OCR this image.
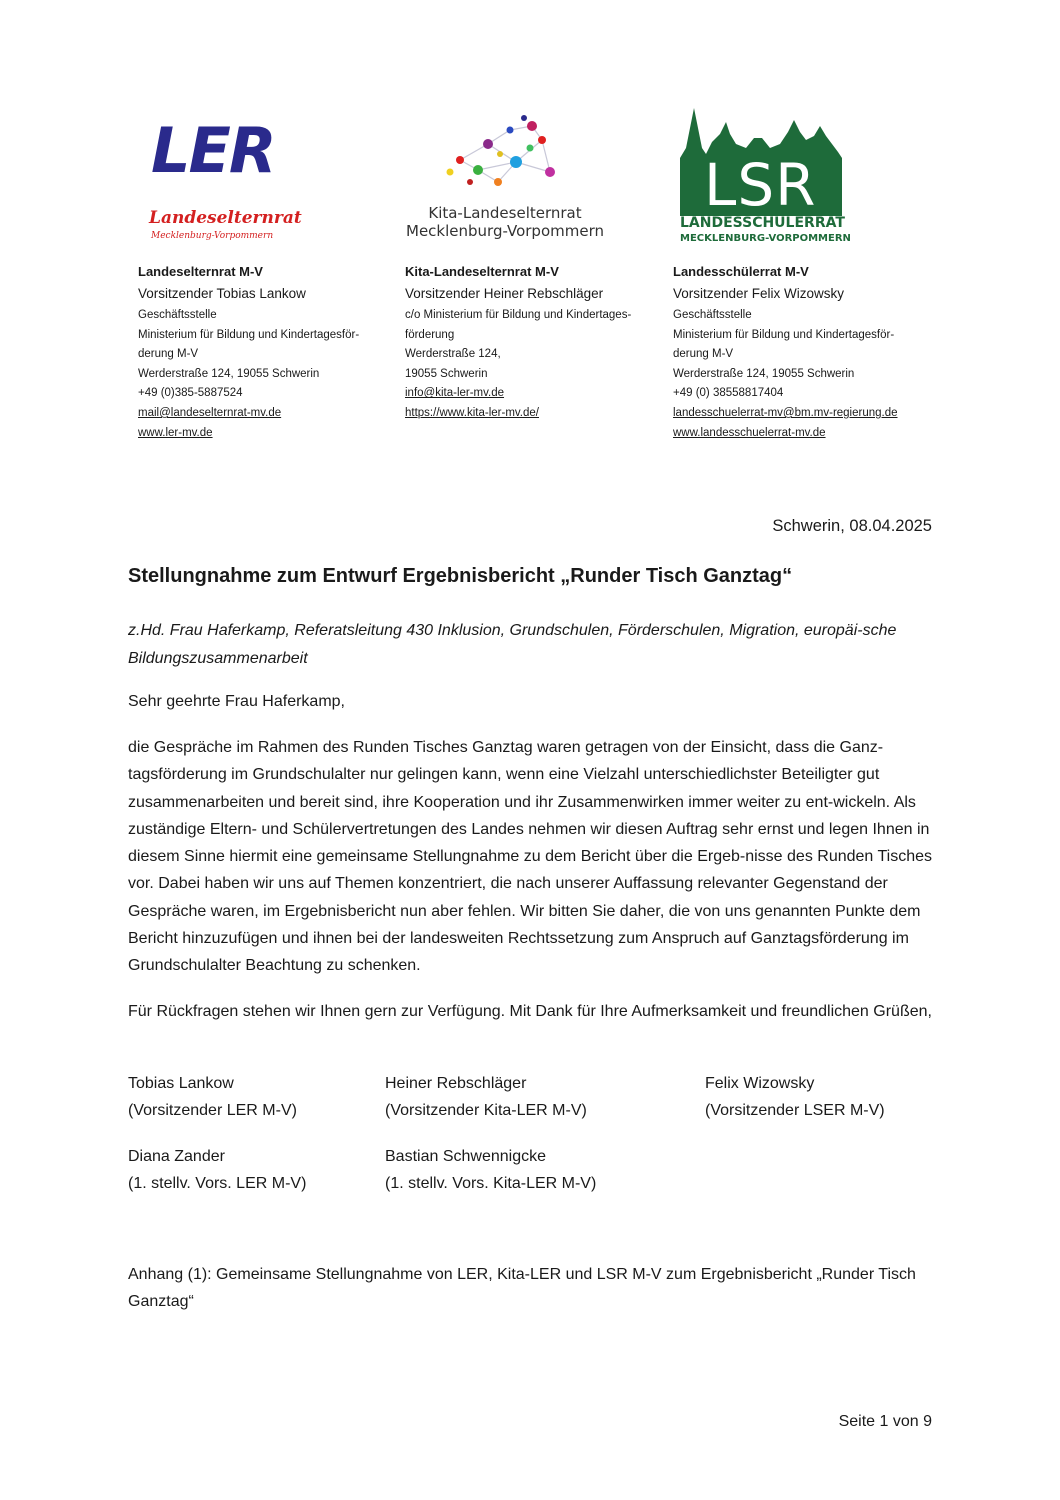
LER
Landeselternrat
Mecklenburg-Vorpommern
Kita-Landeselternrat
Mecklenburg-Vorpommern
LSR
LANDESSCHÜLERRAT
MECKLENBURG-VORPOMMERN
Landeselternrat M-V
Vorsitzender Tobias Lankow
Geschäftsstelle
Ministerium für Bildung und Kindertagesför-
derung M-V
Werderstraße 124, 19055 Schwerin
+49 (0)385-5887524
mail@landeselternrat-mv.de
www.ler-mv.de
Kita-Landeselternrat M-V
Vorsitzender Heiner Rebschläger
c/o Ministerium für Bildung und Kindertages-
förderung
Werderstraße 124,
19055 Schwerin
info@kita-ler-mv.de
https://www.kita-ler-mv.de/
Landesschülerrat M-V
Vorsitzender Felix Wizowsky
Geschäftsstelle
Ministerium für Bildung und Kindertagesför-
derung M-V
Werderstraße 124, 19055 Schwerin
+49 (0) 38558817404
landesschuelerrat-mv@bm.mv-regierung.de
www.landesschuelerrat-mv.de
Schwerin, 08.04.2025
Stellungnahme zum Entwurf Ergebnisbericht „Runder Tisch Ganztag“
z.Hd. Frau Haferkamp, Referatsleitung 430 Inklusion, Grundschulen, Förderschulen, Migration, europäi-sche Bildungszusammenarbeit
Sehr geehrte Frau Haferkamp,
die Gespräche im Rahmen des Runden Tisches Ganztag waren getragen von der Einsicht, dass die Ganz-tagsförderung im Grundschulalter nur gelingen kann, wenn eine Vielzahl unterschiedlichster Beteiligter gut zusammenarbeiten und bereit sind, ihre Kooperation und ihr Zusammenwirken immer weiter zu ent-wickeln. Als zuständige Eltern- und Schülervertretungen des Landes nehmen wir diesen Auftrag sehr ernst und legen Ihnen in diesem Sinne hiermit eine gemeinsame Stellungnahme zu dem Bericht über die Ergeb-nisse des Runden Tisches vor. Dabei haben wir uns auf Themen konzentriert, die nach unserer Auffassung relevanter Gegenstand der Gespräche waren, im Ergebnisbericht nun aber fehlen. Wir bitten Sie daher, die von uns genannten Punkte dem Bericht hinzuzufügen und ihnen bei der landesweiten Rechtssetzung zum Anspruch auf Ganztagsförderung im Grundschulalter Beachtung zu schenken.
Für Rückfragen stehen wir Ihnen gern zur Verfügung. Mit Dank für Ihre Aufmerksamkeit und freundlichen Grüßen,
Tobias Lankow
(Vorsitzender LER M-V)
Heiner Rebschläger
(Vorsitzender Kita-LER M-V)
Felix Wizowsky
(Vorsitzender LSER M-V)
Diana Zander
(1. stellv. Vors. LER M-V)
Bastian Schwennigcke
(1. stellv. Vors. Kita-LER M-V)
Anhang (1): Gemeinsame Stellungnahme von LER, Kita-LER und LSR M-V zum Ergebnisbericht „Runder Tisch Ganztag“
Seite 1 von 9
